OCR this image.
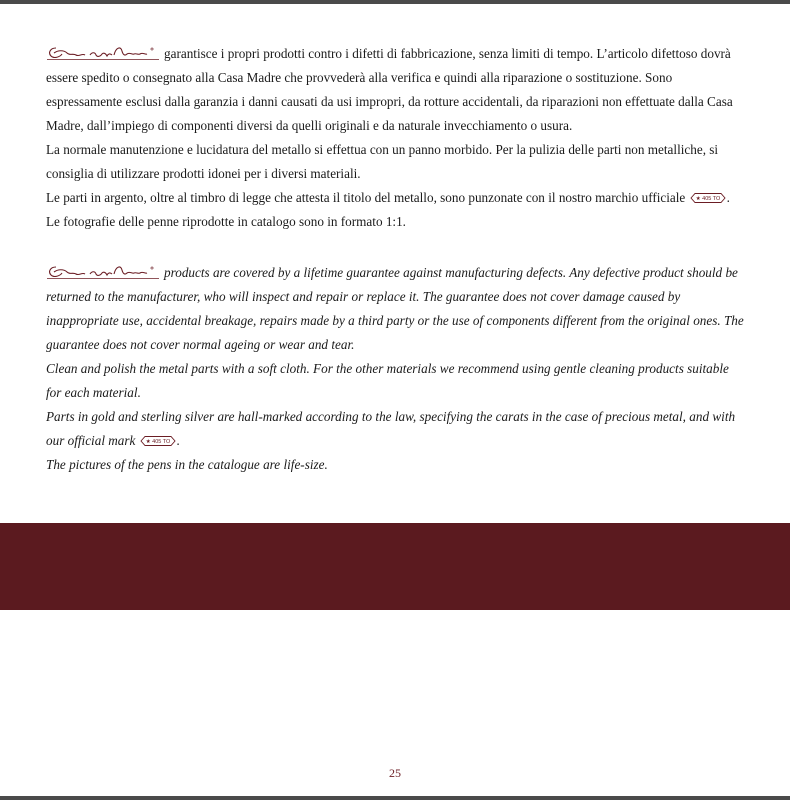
garantisce i propri prodotti contro i difetti di fabbricazione, senza limiti di tempo. L’articolo difettoso dovrà essere spedito o consegnato alla Casa Madre che provvederà alla verifica e quindi alla riparazione o sostituzione. Sono espressamente esclusi dalla garanzia i danni causati da usi impropri, da rotture accidentali, da riparazioni non effettuate dalla Casa Madre, dall’impiego di componenti diversi da quelli originali e da naturale invecchiamento o usura.

La normale manutenzione e lucidatura del metallo si effettua con un panno morbido. Per la pulizia delle parti non metalliche, si consiglia di utilizzare prodotti idonei per i diversi materiali.

Le parti in argento, oltre al timbro di legge che attesta il titolo del metallo, sono punzonate con il nostro marchio ufficiale ★ 405 TO .

Le fotografie delle penne riprodotte in catalogo sono in formato 1:1.

products are covered by a lifetime guarantee against manufacturing defects. Any defective product should be returned to the manufacturer, who will inspect and repair or replace it. The guarantee does not cover damage caused by inappropriate use, accidental breakage, repairs made by a third party or the use of components different from the original ones. The guarantee does not cover normal ageing or wear and tear.

Clean and polish the metal parts with a soft cloth. For the other materials we recommend using gentle cleaning products suitable for each material.

Parts in gold and sterling silver are hall-marked according to the law, specifying the carats in the case of precious metal, and with our official mark ★ 405 TO .

The pictures of the pens in the catalogue are life-size.

25
